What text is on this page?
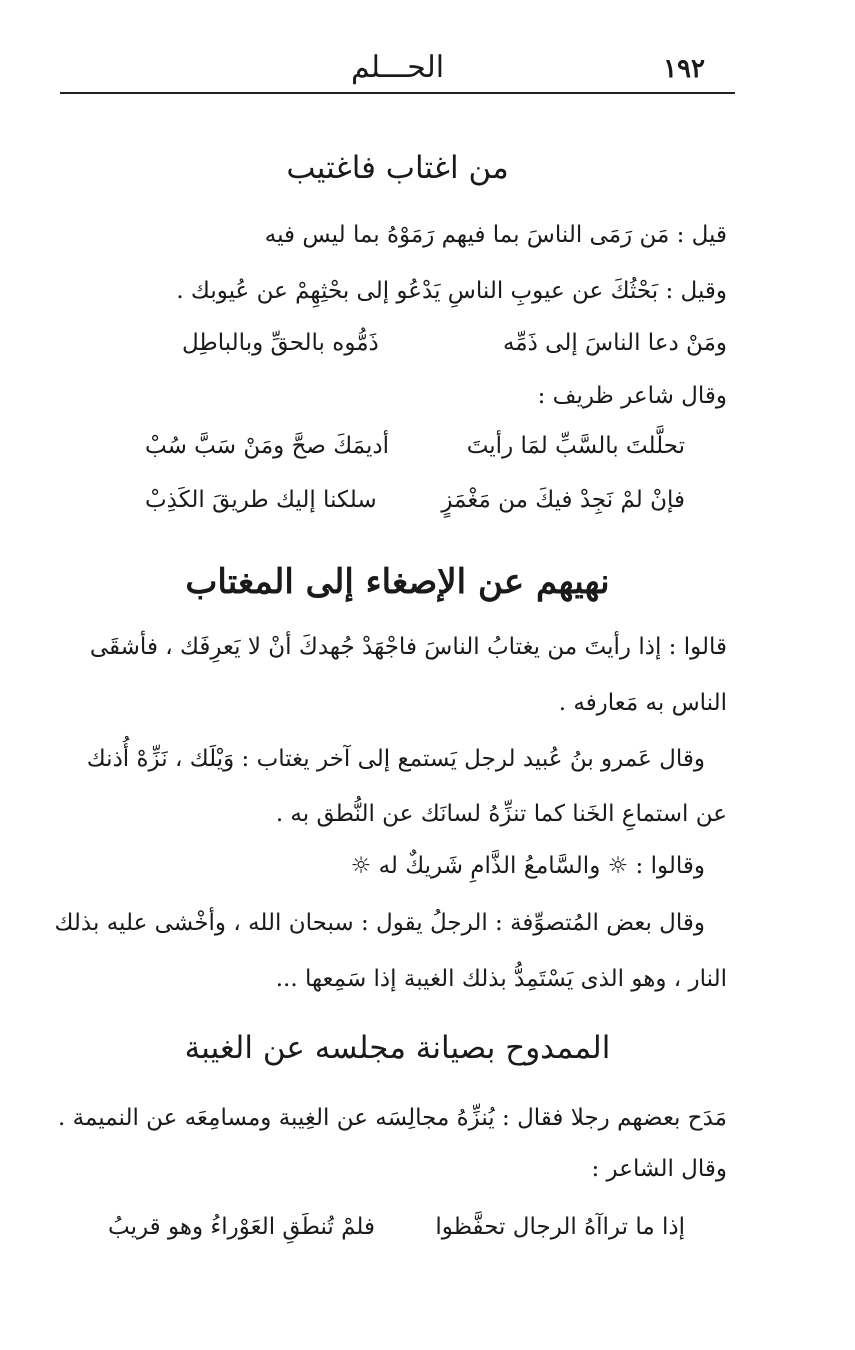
١٩٢
الحـــلم
من اغتاب فاغتيب
قيل : مَن رَمَى الناسَ بما فيهم رَمَوْهُ بما ليس فيه
وقيل : بَحْثُكَ عن عيوبِ الناسِ يَدْعُو إلى بحْثِهِمْ عن عُيوبك .
ومَنْ دعا الناسَ إلى ذَمِّه
ذَمُّوه بالحقِّ وبالباطِل
وقال شاعر ظريف :
تحلَّلتَ بالسَّبِّ لمَا رأيتَ
أديمَكَ صحَّ ومَنْ سَبَّ سُبْ
فإنْ لمْ نَجِدْ فيكَ من مَغْمَزٍ
سلكنا إليك طريقَ الكَذِبْ
نهيهم عن الإصغاء إلى المغتاب
قالوا : إذا رأيتَ من يغتابُ الناسَ فاجْهَدْ جُهدكَ أنْ لا يَعرِفَك ، فأشقَى
الناس به مَعارفه .
وقال عَمرو بنُ عُبيد لرجل يَستمع إلى آخر يغتاب : وَيْلَك ، نَزِّهْ أُذنك
عن استماعِ الخَنا كما تنزِّهُ لسانَك عن النُّطق به .
وقالوا : ☼ والسَّامعُ الذَّامِ شَريكٌ له ☼
وقال بعض المُتصوِّفة : الرجلُ يقول : سبحان الله ، وأخْشى عليه بذلك
النار ، وهو الذى يَسْتَمِدُّ بذلك الغيبة إذا سَمِعها ...
الممدوح بصيانة مجلسه عن الغيبة
مَدَح بعضهم رجلا فقال : يُنزِّهُ مجالِسَه عن الغِيبة ومسامِعَه عن النميمة .
وقال الشاعر :
إذا ما تراآهُ الرجال تحفَّظوا
فلمْ تُنطَقِ العَوْراءُ وهو قريبُ
